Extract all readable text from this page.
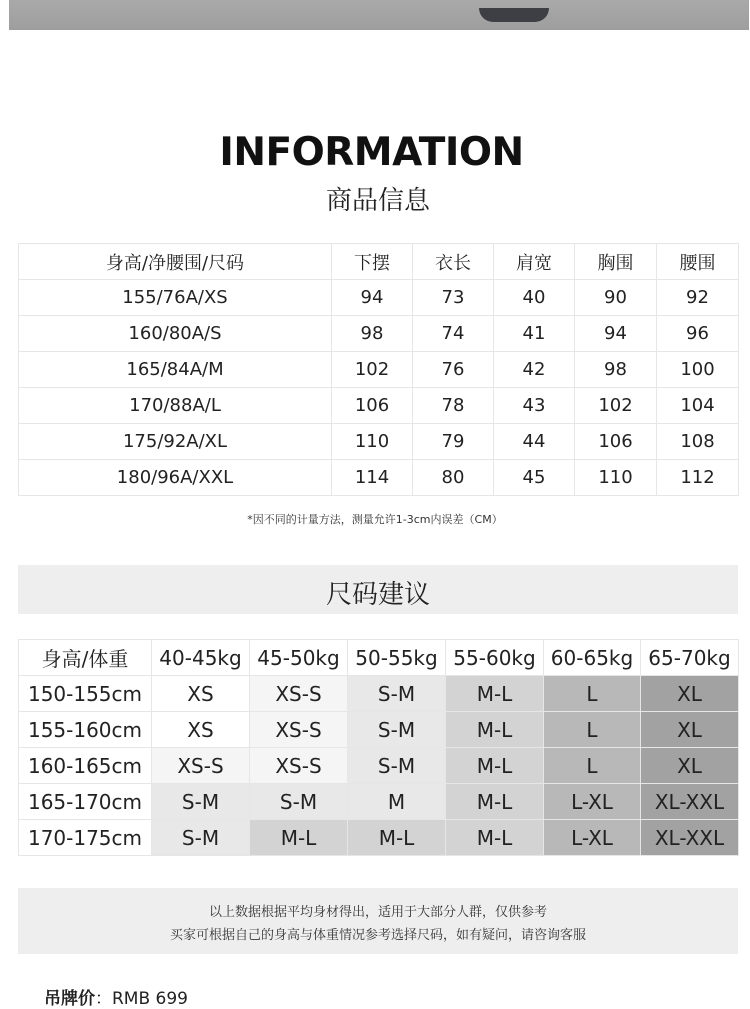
INFORMATION
商品信息
身高/净腰围/尺码	下摆	衣长	肩宽	胸围	腰围
155/76A/XS	94	73	40	90	92
160/80A/S	98	74	41	94	96
165/84A/M	102	76	42	98	100
170/88A/L	106	78	43	102	104
175/92A/XL	110	79	44	106	108
180/96A/XXL	114	80	45	110	112
*因不同的计量方法，测量允许1-3cm内误差（CM）
尺码建议
身高/体重	40-45kg	45-50kg	50-55kg	55-60kg	60-65kg	65-70kg
150-155cm	XS	XS-S	S-M	M-L	L	XL
155-160cm	XS	XS-S	S-M	M-L	L	XL
160-165cm	XS-S	XS-S	S-M	M-L	L	XL
165-170cm	S-M	S-M	M	M-L	L-XL	XL-XXL
170-175cm	S-M	M-L	M-L	M-L	L-XL	XL-XXL
以上数据根据平均身材得出，适用于大部分人群，仅供参考
买家可根据自己的身高与体重情况参考选择尺码，如有疑问，请咨询客服
吊牌价：RMB 699
